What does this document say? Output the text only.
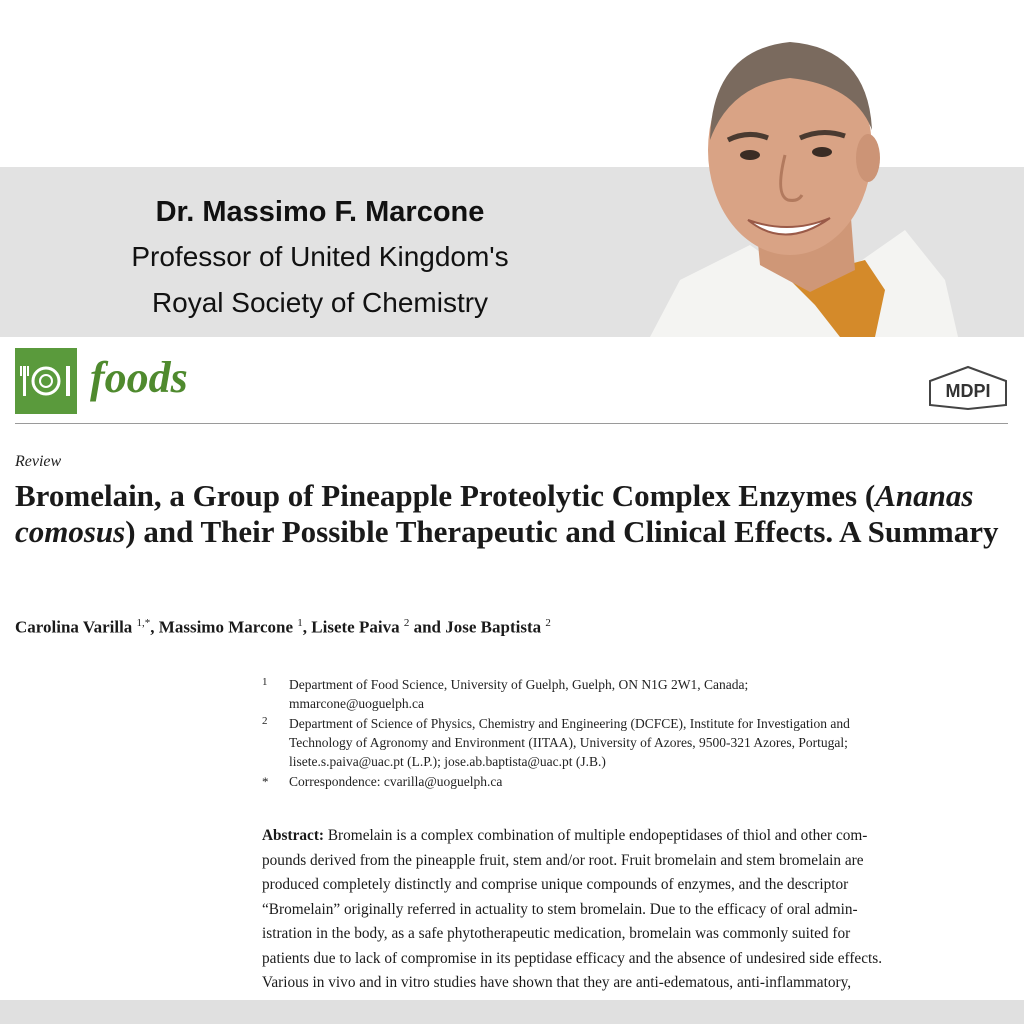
Dr. Massimo F. Marcone
Professor of United Kingdom's
Royal Society of Chemistry
foods	MDPI
Review
Bromelain, a Group of Pineapple Proteolytic Complex Enzymes (Ananas comosus) and Their Possible Therapeutic and Clinical Effects. A Summary
Carolina Varilla $^{1,*}$, Massimo Marcone $^1$, Lisete Paiva $^2$ and Jose Baptista $^2$
1 Department of Food Science, University of Guelph, Guelph, ON N1G 2W1, Canada;
mmarcone@uoguelph.ca
2 Department of Science of Physics, Chemistry and Engineering (DCFCE), Institute for Investigation and
Technology of Agronomy and Environment (IITAA), University of Azores, 9500-321 Azores, Portugal;
lisete.s.paiva@uac.pt (L.P.); jose.ab.baptista@uac.pt (J.B.)
* Correspondence: cvarilla@uoguelph.ca
Abstract: Bromelain is a complex combination of multiple endopeptidases of thiol and other com-
pounds derived from the pineapple fruit, stem and/or root. Fruit bromelain and stem bromelain are
produced completely distinctly and comprise unique compounds of enzymes, and the descriptor
“Bromelain” originally referred in actuality to stem bromelain. Due to the efficacy of oral admin-
istration in the body, as a safe phytotherapeutic medication, bromelain was commonly suited for
patients due to lack of compromise in its peptidase efficacy and the absence of undesired side effects.
Various in vivo and in vitro studies have shown that they are anti-edematous, anti-inflammatory,
